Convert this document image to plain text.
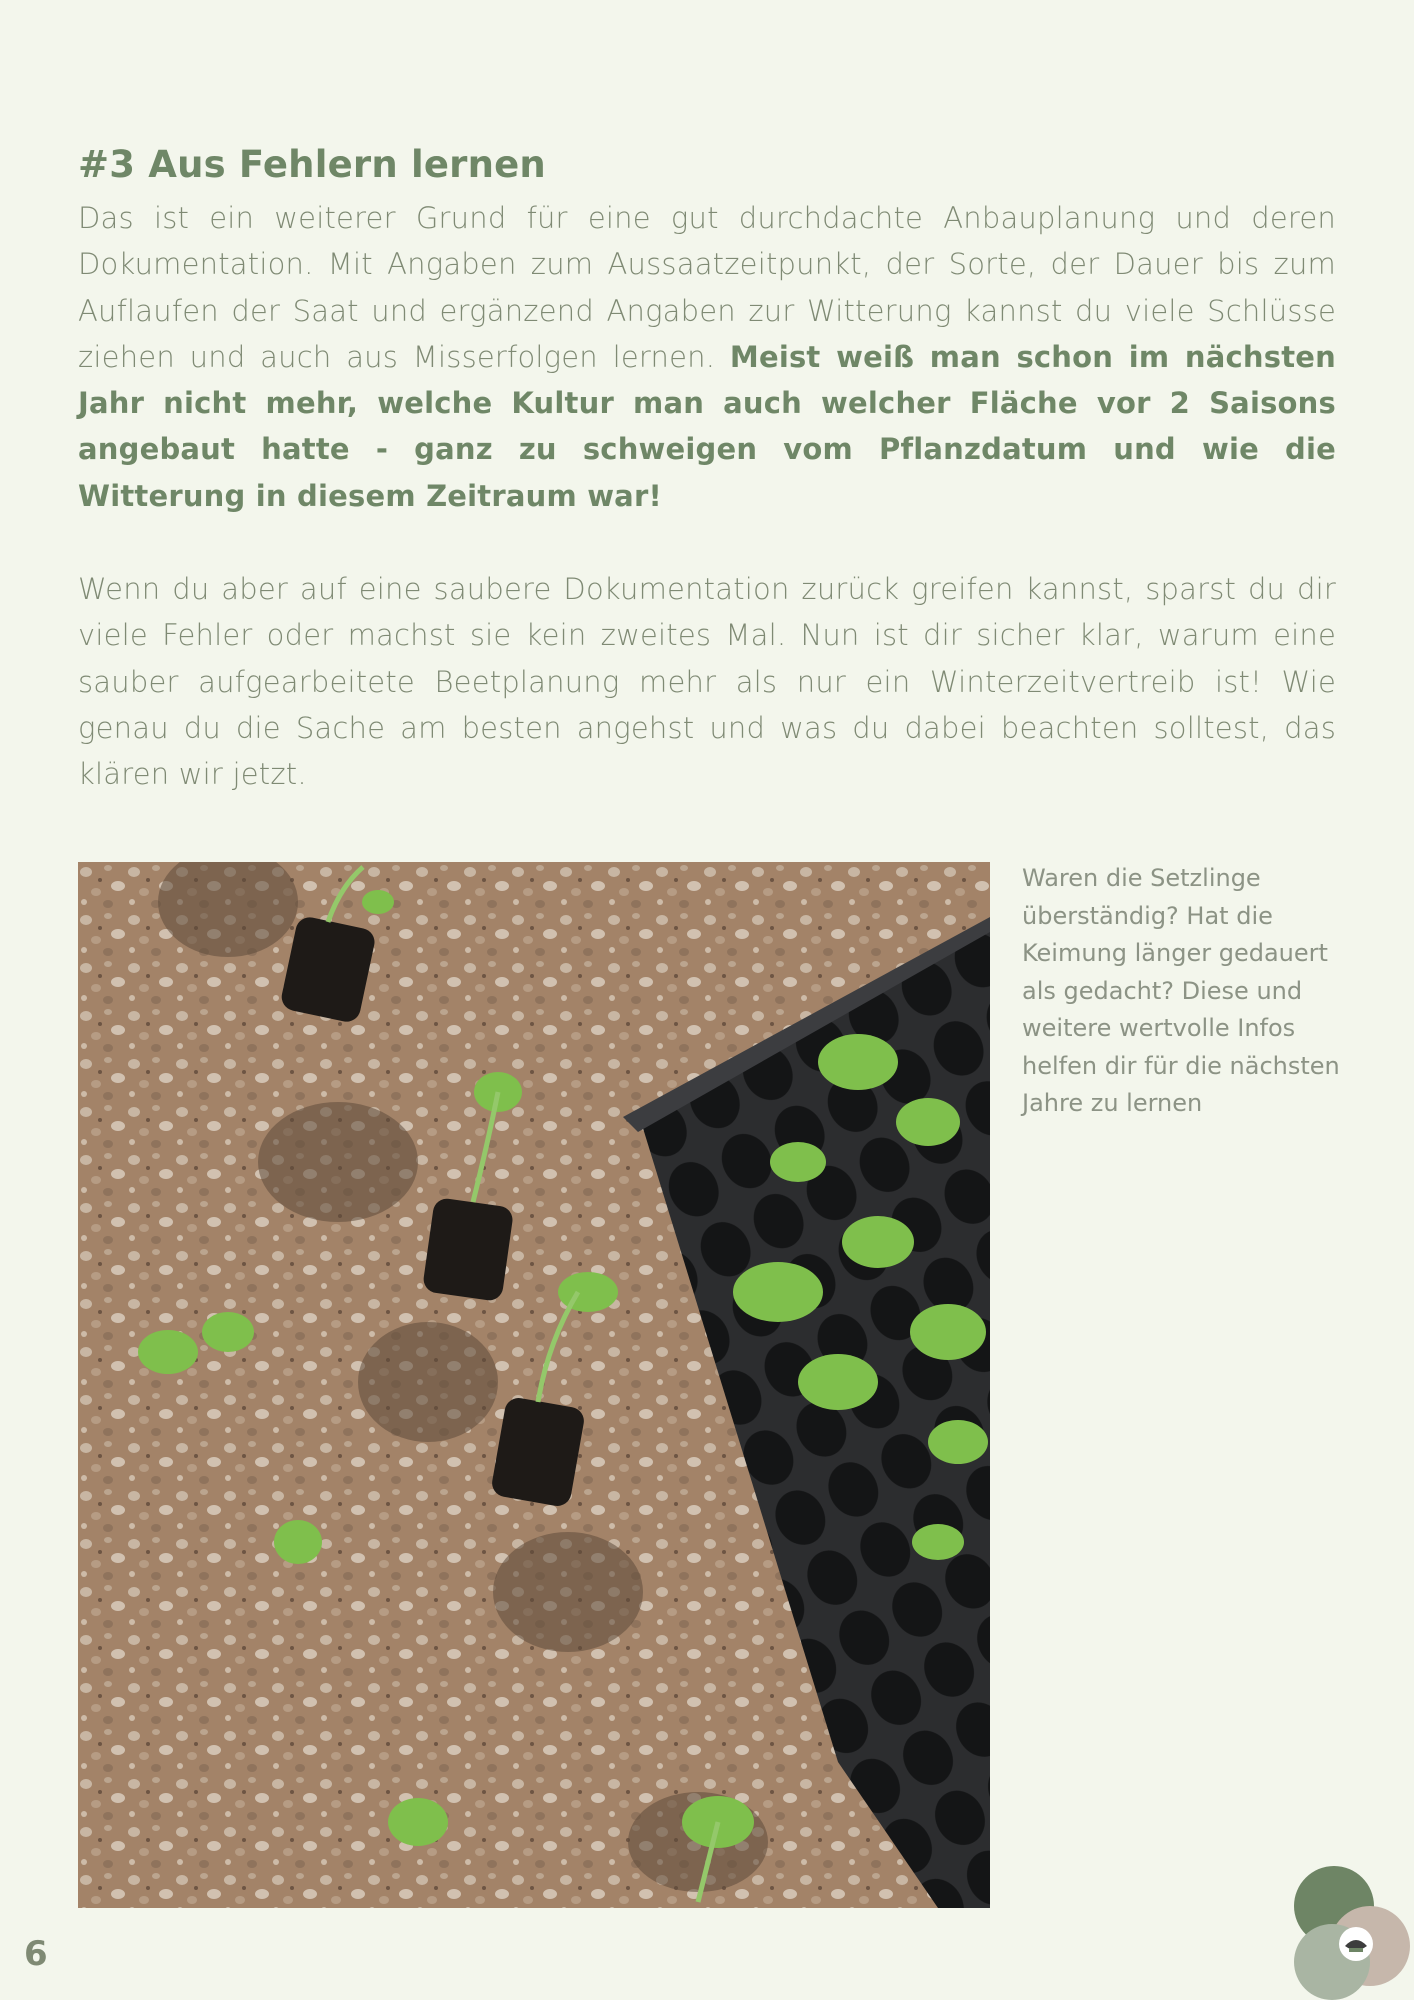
#3 Aus Fehlern lernen

Das ist ein weiterer Grund für eine gut durchdachte Anbauplanung und deren Dokumentation. Mit Angaben zum Aussaatzeitpunkt, der Sorte, der Dauer bis zum Auflaufen der Saat und ergänzend Angaben zur Witterung kannst du viele Schlüsse ziehen und auch aus Misserfolgen lernen. Meist weiß man schon im nächsten Jahr nicht mehr, welche Kultur man auch welcher Fläche vor 2 Saisons angebaut hatte - ganz zu schweigen vom Pflanzdatum und wie die Witterung in diesem Zeitraum war!

Wenn du aber auf eine saubere Dokumentation zurück greifen kannst, sparst du dir viele Fehler oder machst sie kein zweites Mal. Nun ist dir sicher klar, warum eine sauber aufgearbeitete Beetplanung mehr als nur ein Winterzeitvertreib ist! Wie genau du die Sache am besten angehst und was du dabei beachten solltest, das klären wir jetzt.

Waren die Setzlinge überständig? Hat die Keimung länger gedauert als gedacht? Diese und weitere wertvolle Infos helfen dir für die nächsten Jahre zu lernen

6
